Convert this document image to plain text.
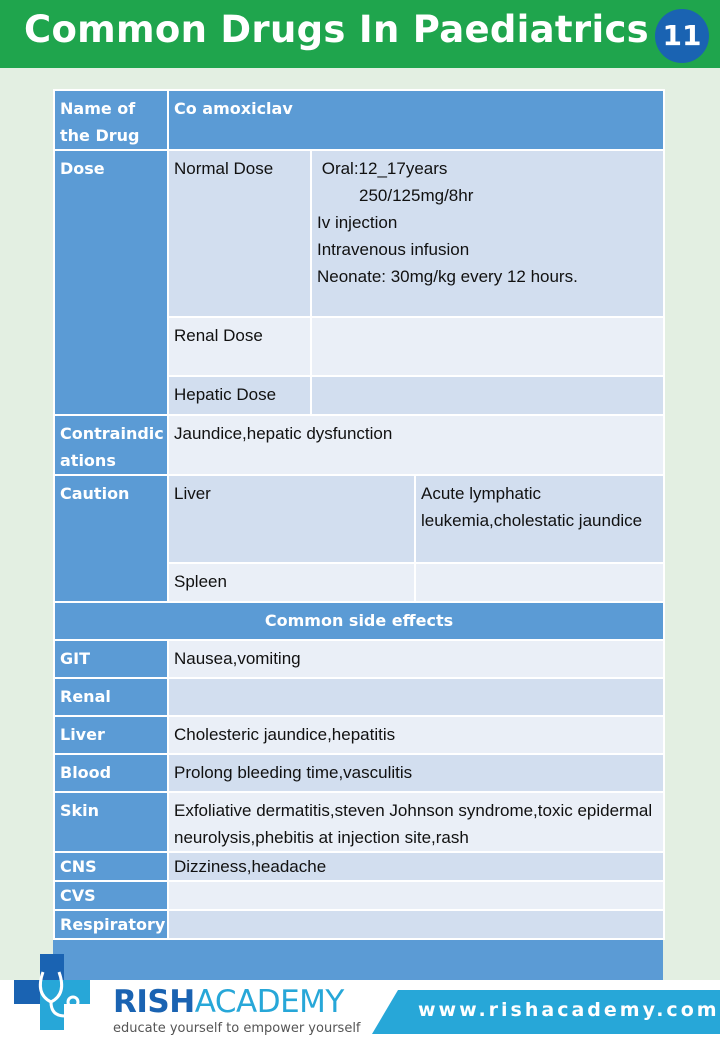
Common Drugs In Paediatrics 11
Name of the Drug	Co amoxiclav		
Dose	Normal Dose	Oral:12_17years
250/125mg/8hr
Iv injection
Intravenous infusion
Neonate: 30mg/kg every 12 hours.	

	Renal Dose		
	Hepatic Dose		
Contraindic ations	Jaundice,hepatic dysfunction		
Caution	Liver		Acute lymphatic leukemia,cholestatic jaundice
	Spleen		
Common side effects			
GIT	Nausea,vomiting		
Renal			
Liver	Cholesteric jaundice,hepatitis		
Blood	Prolong bleeding time,vasculitis		
Skin	Exfoliative dermatitis,steven Johnson syndrome,toxic epidermal neurolysis,phebitis at injection site,rash		
CNS	Dizziness,headache		
CVS			
Respiratory			
RISHACADEMY
educate yourself to empower yourself
www.rishacademy.com
